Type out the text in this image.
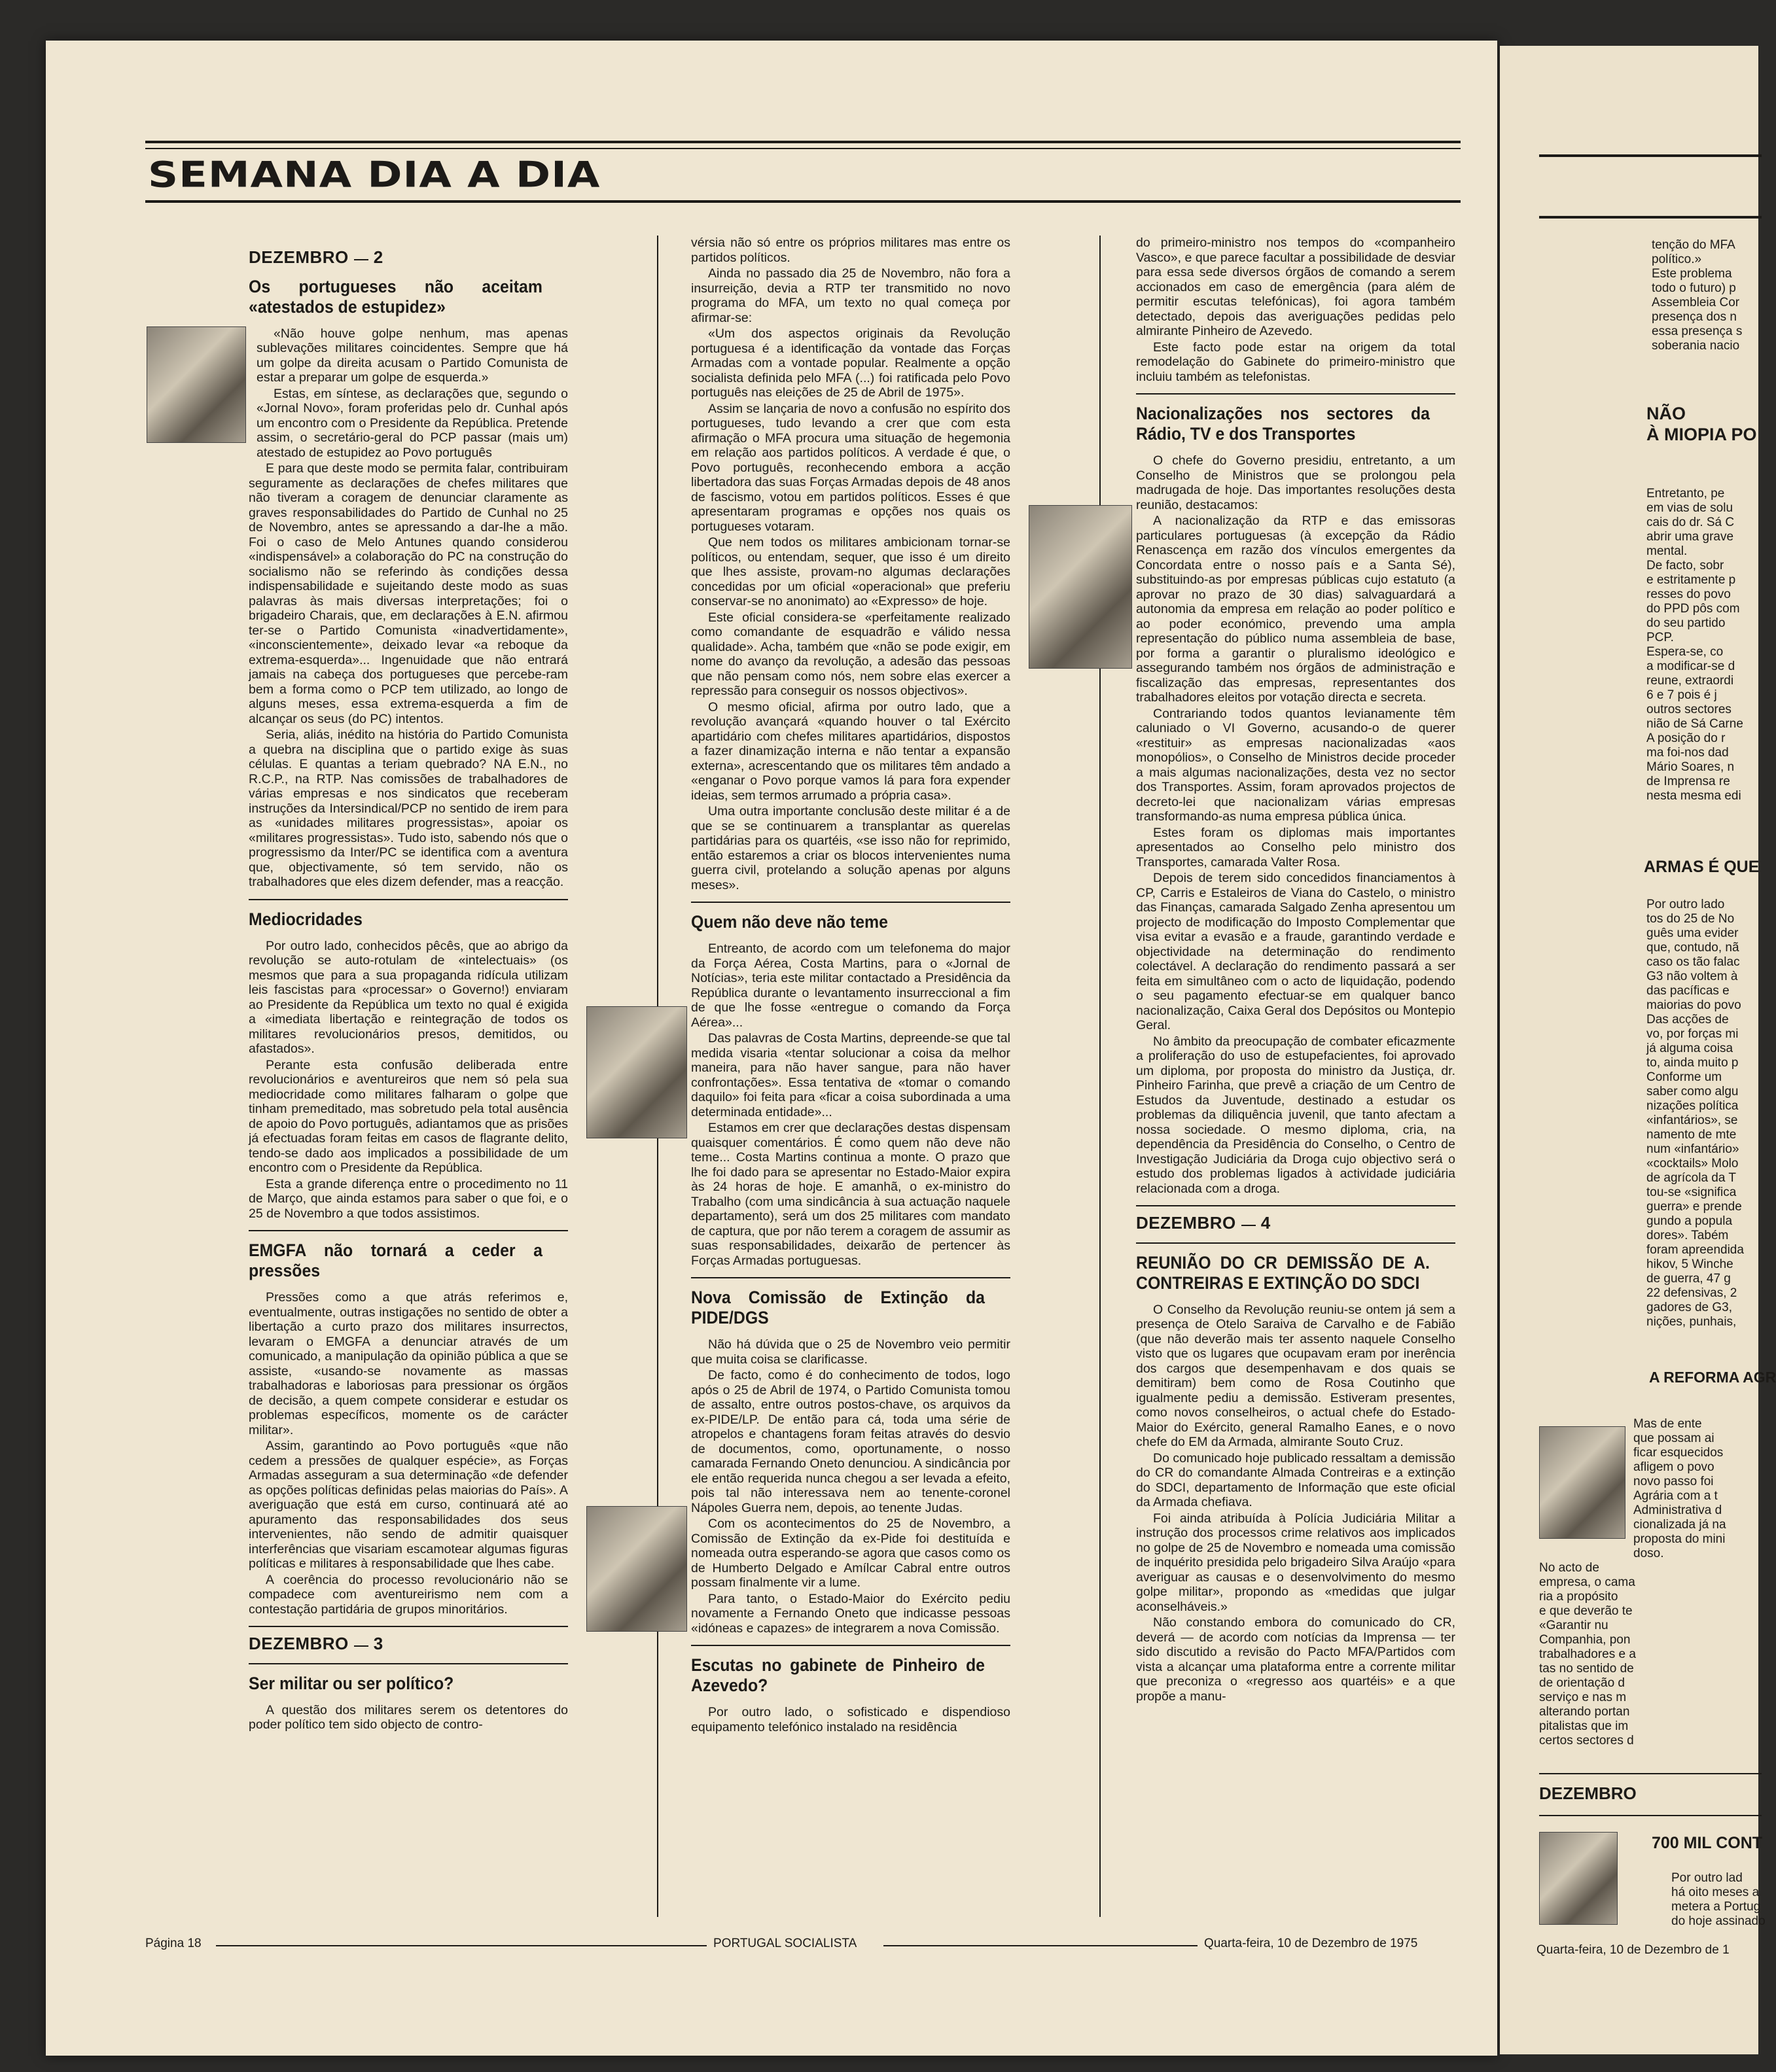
SEMANA DIA A DIA
DEZEMBRO 2
Os portugueses não aceitam «atestados de estupidez»

«Não houve golpe nenhum, mas apenas sublevações militares coincidentes. Sempre que há um golpe da direita acusam o Partido Comunista de estar a preparar um golpe de esquerda.»

Estas, em síntese, as declarações que, segundo o «Jornal Novo», foram proferidas pelo dr. Cunhal após um encontro com o Presidente da República. Pretende assim, o secretário-geral do PCP passar (mais um) atestado de estupidez ao Povo português

E para que deste modo se permita falar, contribuiram seguramente as declarações de chefes militares que não tiveram a coragem de denunciar claramente as graves responsabilidades do Partido de Cunhal no 25 de Novembro, antes se apressando a dar-lhe a mão. Foi o caso de Melo Antunes quando considerou «indispensável» a colaboração do PC na construção do socialismo não se referindo às condições dessa indispensabilidade e sujeitando deste modo as suas palavras às mais diversas interpretações; foi o brigadeiro Charais, que, em declarações à E.N. afirmou ter-se o Partido Comunista «inadvertidamente», «inconscientemente», deixado levar «a reboque da extrema-esquerda»... Ingenuidade que não entrará jamais na cabeça dos portugueses que percebe-ram bem a forma como o PCP tem utilizado, ao longo de alguns meses, essa extrema-esquerda a fim de alcançar os seus (do PC) intentos.

Seria, aliás, inédito na história do Partido Comunista a quebra na disciplina que o partido exige às suas células. E quantas a teriam quebrado? NA E.N., no R.C.P., na RTP. Nas comissões de trabalhadores de várias empresas e nos sindicatos que receberam instruções da Intersindical/PCP no sentido de irem para as «unidades militares progressistas», apoiar os «militares progressistas». Tudo isto, sabendo nós que o progressismo da Inter/PC se identifica com a aventura que, objectivamente, só tem servido, não os trabalhadores que eles dizem defender, mas a reacção.

Mediocridades

Por outro lado, conhecidos pêcês, que ao abrigo da revolução se auto-rotulam de «intelectuais» (os mesmos que para a sua propaganda ridícula utilizam leis fascistas para «processar» o Governo!) enviaram ao Presidente da República um texto no qual é exigida a «imediata libertação e reintegração de todos os militares revolucionários presos, demitidos, ou afastados».

Perante esta confusão deliberada entre revolucionários e aventureiros que nem só pela sua mediocridade como militares falharam o golpe que tinham premeditado, mas sobretudo pela total ausência de apoio do Povo português, adiantamos que as prisões já efectuadas foram feitas em casos de flagrante delito, tendo-se dado aos implicados a possibilidade de um encontro com o Presidente da República.

Esta a grande diferença entre o procedimento no 11 de Março, que ainda estamos para saber o que foi, e o 25 de Novembro a que todos assistimos.

EMGFA não tornará a ceder a pressões

Pressões como a que atrás referimos e, eventualmente, outras instigações no sentido de obter a libertação a curto prazo dos militares insurrectos, levaram o EMGFA a denunciar através de um comunicado, a manipulação da opinião pública a que se assiste, «usando-se novamente as massas trabalhadoras e laboriosas para pressionar os órgãos de decisão, a quem compete considerar e estudar os problemas específicos, momente os de carácter militar».

Assim, garantindo ao Povo português «que não cedem a pressões de qualquer espécie», as Forças Armadas asseguram a sua determinação «de defender as opções políticas definidas pelas maiorias do País». A averiguação que está em curso, continuará até ao apuramento das responsabilidades dos seus intervenientes, não sendo de admitir quaisquer interferências que visariam escamotear algumas figuras políticas e militares à responsabilidade que lhes cabe.

A coerência do processo revolucionário não se compadece com aventureirismo nem com a contestação partidária de grupos minoritários.

DEZEMBRO 3
Ser militar ou ser político?

A questão dos militares serem os detentores do poder político tem sido objecto de contro-

vérsia não só entre os próprios militares mas entre os partidos políticos.

Ainda no passado dia 25 de Novembro, não fora a insurreição, devia a RTP ter transmitido no novo programa do MFA, um texto no qual começa por afirmar-se:

«Um dos aspectos originais da Revolução portuguesa é a identificação da vontade das Forças Armadas com a vontade popular. Realmente a opção socialista definida pelo MFA (...) foi ratificada pelo Povo português nas eleições de 25 de Abril de 1975».

Assim se lançaria de novo a confusão no espírito dos portugueses, tudo levando a crer que com esta afirmação o MFA procura uma situação de hegemonia em relação aos partidos políticos. A verdade é que, o Povo português, reconhecendo embora a acção libertadora das suas Forças Armadas depois de 48 anos de fascismo, votou em partidos políticos. Esses é que apresentaram programas e opções nos quais os portugueses votaram.

Que nem todos os militares ambicionam tornar-se políticos, ou entendam, sequer, que isso é um direito que lhes assiste, provam-no algumas declarações concedidas por um oficial «operacional» que preferiu conservar-se no anonimato) ao «Expresso» de hoje.

Este oficial considera-se «perfeitamente realizado como comandante de esquadrão e válido nessa qualidade». Acha, também que «não se pode exigir, em nome do avanço da revolução, a adesão das pessoas que não pensam como nós, nem sobre elas exercer a repressão para conseguir os nossos objectivos».

O mesmo oficial, afirma por outro lado, que a revolução avançará «quando houver o tal Exército apartidário com chefes militares apartidários, dispostos a fazer dinamização interna e não tentar a expansão externa», acrescentando que os militares têm andado a «enganar o Povo porque vamos lá para fora expender ideias, sem termos arrumado a própria casa».

Uma outra importante conclusão deste militar é a de que se se continuarem a transplantar as querelas partidárias para os quartéis, «se isso não for reprimido, então estaremos a criar os blocos intervenientes numa guerra civil, protelando a solução apenas por alguns meses».

Quem não deve não teme

Entreanto, de acordo com um telefonema do major da Força Aérea, Costa Martins, para o «Jornal de Notícias», teria este militar contactado a Presidência da República durante o levantamento insurreccional a fim de que lhe fosse «entregue o comando da Força Aérea»...

Das palavras de Costa Martins, depreende-se que tal medida visaria «tentar solucionar a coisa da melhor maneira, para não haver sangue, para não haver confrontações». Essa tentativa de «tomar o comando daquilo» foi feita para «ficar a coisa subordinada a uma determinada entidade»...

Estamos em crer que declarações destas dispensam quaisquer comentários. É como quem não deve não teme... Costa Martins continua a monte. O prazo que lhe foi dado para se apresentar no Estado-Maior expira às 24 horas de hoje. E amanhã, o ex-ministro do Trabalho (com uma sindicância à sua actuação naquele departamento), será um dos 25 militares com mandato de captura, que por não terem a coragem de assumir as suas responsabilidades, deixarão de pertencer às Forças Armadas portuguesas.

Nova Comissão de Extinção da PIDE/DGS

Não há dúvida que o 25 de Novembro veio permitir que muita coisa se clarificasse.

De facto, como é do conhecimento de todos, logo após o 25 de Abril de 1974, o Partido Comunista tomou de assalto, entre outros postos-chave, os arquivos da ex-PIDE/LP. De então para cá, toda uma série de atropelos e chantagens foram feitas através do desvio de documentos, como, oportunamente, o nosso camarada Fernando Oneto denunciou. A sindicância por ele então requerida nunca chegou a ser levada a efeito, pois tal não interessava nem ao tenente-coronel Nápoles Guerra nem, depois, ao tenente Judas.

Com os acontecimentos do 25 de Novembro, a Comissão de Extinção da ex-Pide foi destituída e nomeada outra esperando-se agora que casos como os de Humberto Delgado e Amílcar Cabral entre outros possam finalmente vir a lume.

Para tanto, o Estado-Maior do Exército pediu novamente a Fernando Oneto que indicasse pessoas «idóneas e capazes» de integrarem a nova Comissão.

Escutas no gabinete de Pinheiro de Azevedo?

Por outro lado, o sofisticado e dispendioso equipamento telefónico instalado na residência

do primeiro-ministro nos tempos do «companheiro Vasco», e que parece facultar a possibilidade de desviar para essa sede diversos órgãos de comando a serem accionados em caso de emergência (para além de permitir escutas telefónicas), foi agora também detectado, depois das averiguações pedidas pelo almirante Pinheiro de Azevedo.

Este facto pode estar na origem da total remodelação do Gabinete do primeiro-ministro que incluiu também as telefonistas.

Nacionalizações nos sectores da Rádio, TV e dos Transportes

O chefe do Governo presidiu, entretanto, a um Conselho de Ministros que se prolongou pela madrugada de hoje. Das importantes resoluções desta reunião, destacamos:

A nacionalização da RTP e das emissoras particulares portuguesas (à excepção da Rádio Renascença em razão dos vínculos emergentes da Concordata entre o nosso país e a Santa Sé), substituindo-as por empresas públicas cujo estatuto (a aprovar no prazo de 30 dias) salvaguardará a autonomia da empresa em relação ao poder político e ao poder económico, prevendo uma ampla representação do público numa assembleia de base, por forma a garantir o pluralismo ideológico e assegurando também nos órgãos de administração e fiscalização das empresas, representantes dos trabalhadores eleitos por votação directa e secreta.

Contrariando todos quantos levianamente têm caluniado o VI Governo, acusando-o de querer «restituir» as empresas nacionalizadas «aos monopólios», o Conselho de Ministros decide proceder a mais algumas nacionalizações, desta vez no sector dos Transportes. Assim, foram aprovados projectos de decreto-lei que nacionalizam várias empresas transformando-as numa empresa pública única.

Estes foram os diplomas mais importantes apresentados ao Conselho pelo ministro dos Transportes, camarada Valter Rosa.

Depois de terem sido concedidos financiamentos à CP, Carris e Estaleiros de Viana do Castelo, o ministro das Finanças, camarada Salgado Zenha apresentou um projecto de modificação do Imposto Complementar que visa evitar a evasão e a fraude, garantindo verdade e objectividade na determinação do rendimento colectável. A declaração do rendimento passará a ser feita em simultâneo com o acto de liquidação, podendo o seu pagamento efectuar-se em qualquer banco nacionalização, Caixa Geral dos Depósitos ou Montepio Geral.

No âmbito da preocupação de combater eficazmente a proliferação do uso de estupefacientes, foi aprovado um diploma, por proposta do ministro da Justiça, dr. Pinheiro Farinha, que prevê a criação de um Centro de Estudos da Juventude, destinado a estudar os problemas da diliquência juvenil, que tanto afectam a nossa sociedade. O mesmo diploma, cria, na dependência da Presidência do Conselho, o Centro de Investigação Judiciária da Droga cujo objectivo será o estudo dos problemas ligados à actividade judiciária relacionada com a droga.

DEZEMBRO 4
REUNIÃO DO CR DEMISSÃO DE A. CONTREIRAS E EXTINÇÃO DO SDCI

O Conselho da Revolução reuniu-se ontem já sem a presença de Otelo Saraiva de Carvalho e de Fabião (que não deverão mais ter assento naquele Conselho visto que os lugares que ocupavam eram por inerência dos cargos que desempenhavam e dos quais se demitiram) bem como de Rosa Coutinho que igualmente pediu a demissão. Estiveram presentes, como novos conselheiros, o actual chefe do Estado-Maior do Exército, general Ramalho Eanes, e o novo chefe do EM da Armada, almirante Souto Cruz.

Do comunicado hoje publicado ressaltam a demissão do CR do comandante Almada Contreiras e a extinção do SDCI, departamento de Informação que este oficial da Armada chefiava.

Foi ainda atribuída à Polícia Judiciária Militar a instrução dos processos crime relativos aos implicados no golpe de 25 de Novembro e nomeada uma comissão de inquérito presidida pelo brigadeiro Silva Araújo «para averiguar as causas e o desenvolvimento do mesmo golpe militar», propondo as «medidas que julgar aconselháveis.»

Não constando embora do comunicado do CR, deverá — de acordo com notícias da Imprensa — ter sido discutido a revisão do Pacto MFA/Partidos com vista a alcançar uma plataforma entre a corrente militar que preconiza o «regresso aos quartéis» e a que propõe a manu-

Página 18	PORTUGAL SOCIALISTA	Quarta-feira, 10 de Dezembro de 1975
tenção do MFA
político.»
Este problema
todo o futuro) p
Assembleia Cor
presença dos n
essa presença s
soberania nacio
NÃO
À MIOPIA PO
Entretanto, pe
em vias de solu
cais do dr. Sá C
abrir uma grave
mental.
De facto, sobr
e estritamente p
resses do povo
do PPD pôs com
do seu partido
PCP.
Espera-se, co
a modificar-se d
reune, extraordi
6 e 7 pois é j
outros sectores
nião de Sá Carne
A posição do r
ma foi-nos dad
Mário Soares, n
de Imprensa re
nesta mesma edi
ARMAS É QUE
Por outro lado
tos do 25 de No
guês uma evider
que, contudo, nã
caso os tão falac
G3 não voltem à
das pacíficas e
maiorias do povo
Das acções de
vo, por forças mi
já alguma coisa
to, ainda muito p
Conforme um
saber como algu
nizações política
«infantários», se
namento de mte
num «infantário»
«cocktails» Molo
de agrícola da T
tou-se «significa
guerra» e prende
gundo a popula
dores». Tabém
foram apreendida
hikov, 5 Winche
de guerra, 47 g
22 defensivas, 2
gadores de G3,
nições, punhais,
A REFORMA AGR
Mas de ente
que possam ai
ficar esquecidos
afligem o povo
novo passo foi
Agrária com a t
Administrativa d
cionalizada já na
proposta do mini
doso.
No acto de
empresa, o cama
ria a propósito
e que deverão te
«Garantir nu
Companhia, pon
trabalhadores e a
tas no sentido de
de orientação d
serviço e nas m
alterando portan
pitalistas que im
certos sectores d
DEZEMBRO
700 MIL CONT
Por outro lad
há oito meses a
metera a Portug
do hoje assinado
Quarta-feira, 10 de Dezembro de 1
